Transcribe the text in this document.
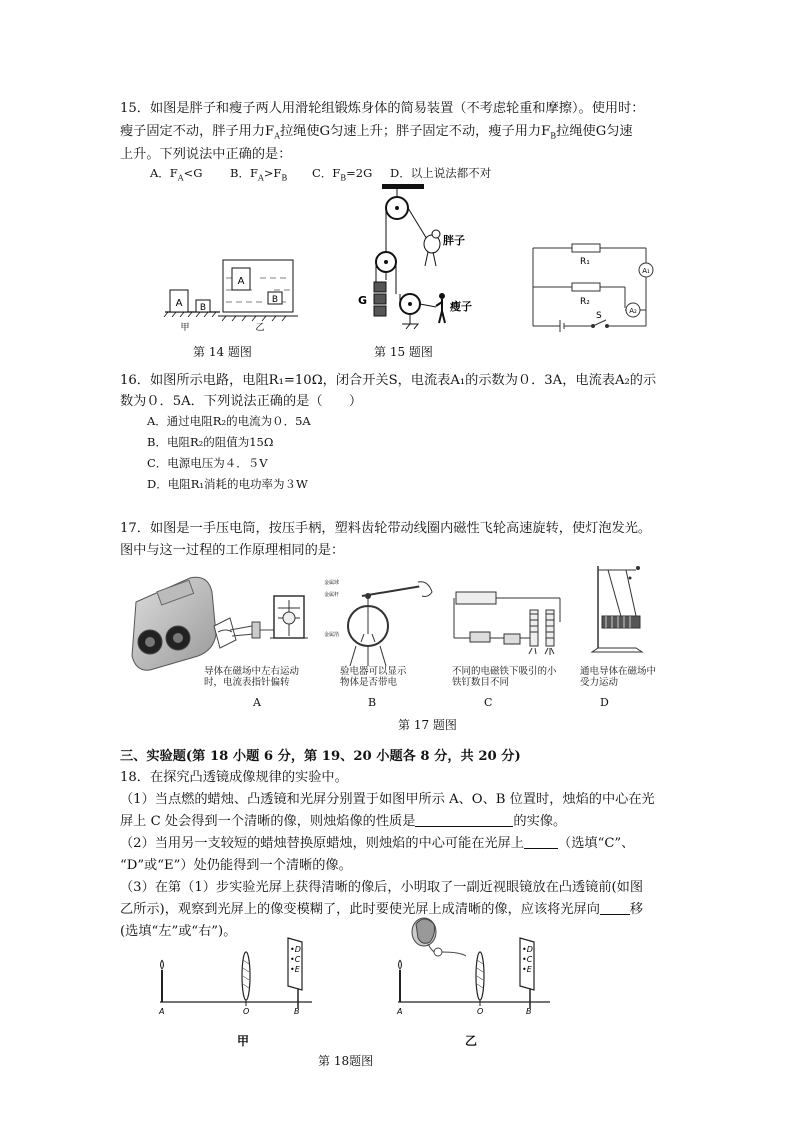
15．如图是胖子和瘦子两人用滑轮组锻炼身体的简易装置（不考虑轮重和摩擦）。使用时：
瘦子固定不动，胖子用力$F_A$拉绳使G匀速上升；胖子固定不动，瘦子用力$F_B$拉绳使G匀速
上升。下列说法中正确的是：
A．$F_A<G$ B．$F_A>F_B$ C．$F_B=2G$ D．以上说法都不对
A B
甲
A
B
乙
第 14 题图
G
胖子
瘦子
第 15 题图
R₁
R₂
A₁
A₂
S
16．如图所示电路，电阻R₁=10Ω，闭合开关S，电流表A₁的示数为０．3A，电流表A₂的示
数为０．5A．下列说法正确的是（　　）
A．通过电阻R₂的电流为０．5A
B．电阻R₂的阻值为15Ω
C．电源电压为４．５V
D．电阻R₁消耗的电功率为３W
17．如图是一手压电筒，按压手柄，塑料齿轮带动线圈内磁性飞轮高速旋转，使灯泡发光。
图中与这一过程的工作原理相同的是：
导体在磁场中左右运动
时，电流表指针偏转
金属球
金属杆
金属箔
验电器可以显示
物体是否带电
不同的电磁铁下吸引的小
铁钉数目不同
通电导体在磁场中
受力运动
A	B	C	D
第 17 题图
三、实验题(第 18 小题 6 分，第 19、20 小题各 8 分，共 20 分)
18．在探究凸透镜成像规律的实验中。
（1）当点燃的蜡烛、凸透镜和光屏分别置于如图甲所示 A、O、B 位置时，烛焰的中心在光
屏上 C 处会得到一个清晰的像，则烛焰像的性质是	的实像。
（2）当用另一支较短的蜡烛替换原蜡烛，则烛焰的中心可能在光屏上	（选填“C”、
“D”或“E”）处仍能得到一个清晰的像。
（3）在第（1）步实验光屏上获得清晰的像后，小明取了一副近视眼镜放在凸透镜前(如图
乙所示)，观察到光屏上的像变模糊了，此时要使光屏上成清晰的像，应该将光屏向 移
(选填“左”或“右”)。
•D
•C
•E
A	O	B
•D
•C
•E
A	O	B
甲	乙
第 18题图
